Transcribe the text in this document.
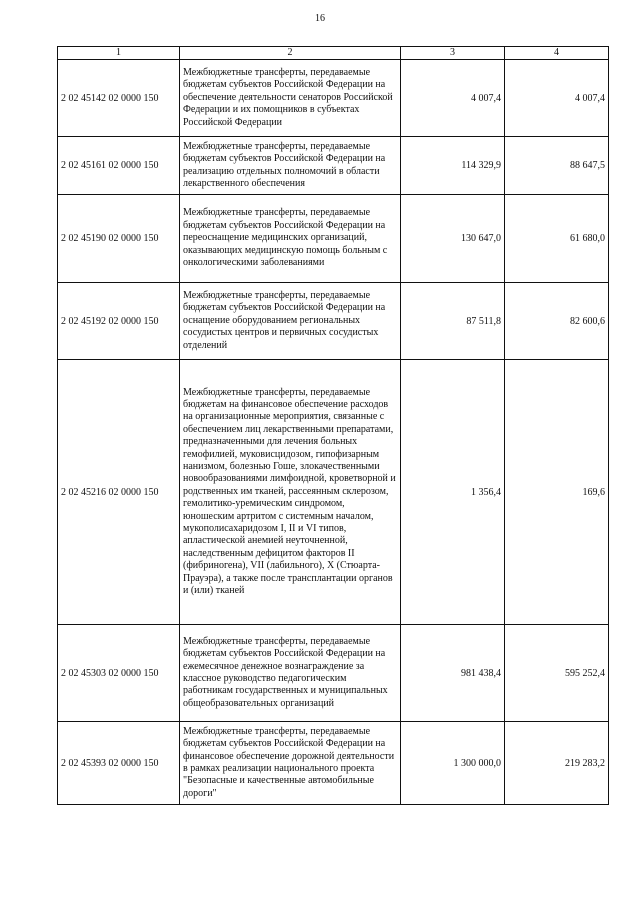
16
1	2	3	4
2 02 45142 02 0000 150	Межбюджетные трансферты, передаваемые бюджетам субъектов Российской Федерации на обеспечение деятельности сенаторов Российской Федерации и их помощников в субъектах Российской Федерации	4 007,4	4 007,4
2 02 45161 02 0000 150	Межбюджетные трансферты, передаваемые бюджетам субъектов Российской Федерации на реализацию отдельных полномочий в области лекарственного обеспечения	114 329,9	88 647,5
2 02 45190 02 0000 150	Межбюджетные трансферты, передаваемые бюджетам субъектов Российской Федерации на переоснащение медицинских организаций, оказывающих медицинскую помощь больным с онкологическими заболеваниями	130 647,0	61 680,0
2 02 45192 02 0000 150	Межбюджетные трансферты, передаваемые бюджетам субъектов Российской Федерации на оснащение оборудованием региональных сосудистых центров и первичных сосудистых отделений	87 511,8	82 600,6
2 02 45216 02 0000 150	Межбюджетные трансферты, передаваемые бюджетам на финансовое обеспечение расходов на организационные мероприятия, связанные с обеспечением лиц лекарственными препаратами, предназначенными для лечения больных гемофилией, муковисцидозом, гипофизарным нанизмом, болезнью Гоше, злокачественными новообразованиями лимфоидной, кроветворной и родственных им тканей, рассеянным склерозом, гемолитико-уремическим синдромом, юношеским артритом с системным началом, мукополисахаридозом I, II и VI типов, апластической анемией неуточненной, наследственным дефицитом факторов II (фибриногена), VII (лабильного), X (Стюарта-Прауэра), а также после трансплантации органов и (или) тканей	1 356,4	169,6
2 02 45303 02 0000 150	Межбюджетные трансферты, передаваемые бюджетам субъектов Российской Федерации на ежемесячное денежное вознаграждение за классное руководство педагогическим работникам государственных и муниципальных общеобразовательных организаций	981 438,4	595 252,4
2 02 45393 02 0000 150	Межбюджетные трансферты, передаваемые бюджетам субъектов Российской Федерации на финансовое обеспечение дорожной деятельности в рамках реализации национального проекта "Безопасные и качественные автомобильные дороги"	1 300 000,0	219 283,2
